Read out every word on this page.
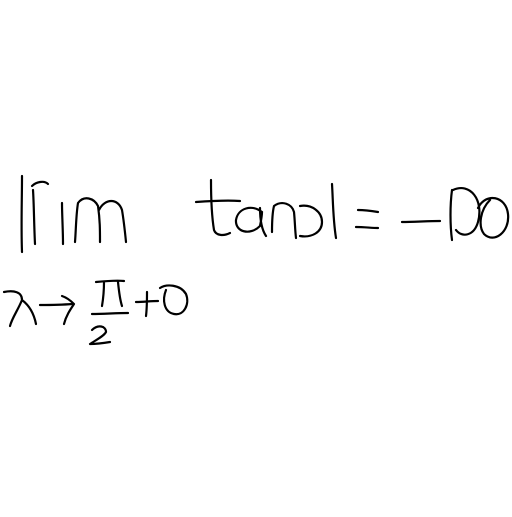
lim x → π 2 +0 tan x = -∞ \lim_{x \to \frac{\pi}{2}+0} \tan x = -\infty
